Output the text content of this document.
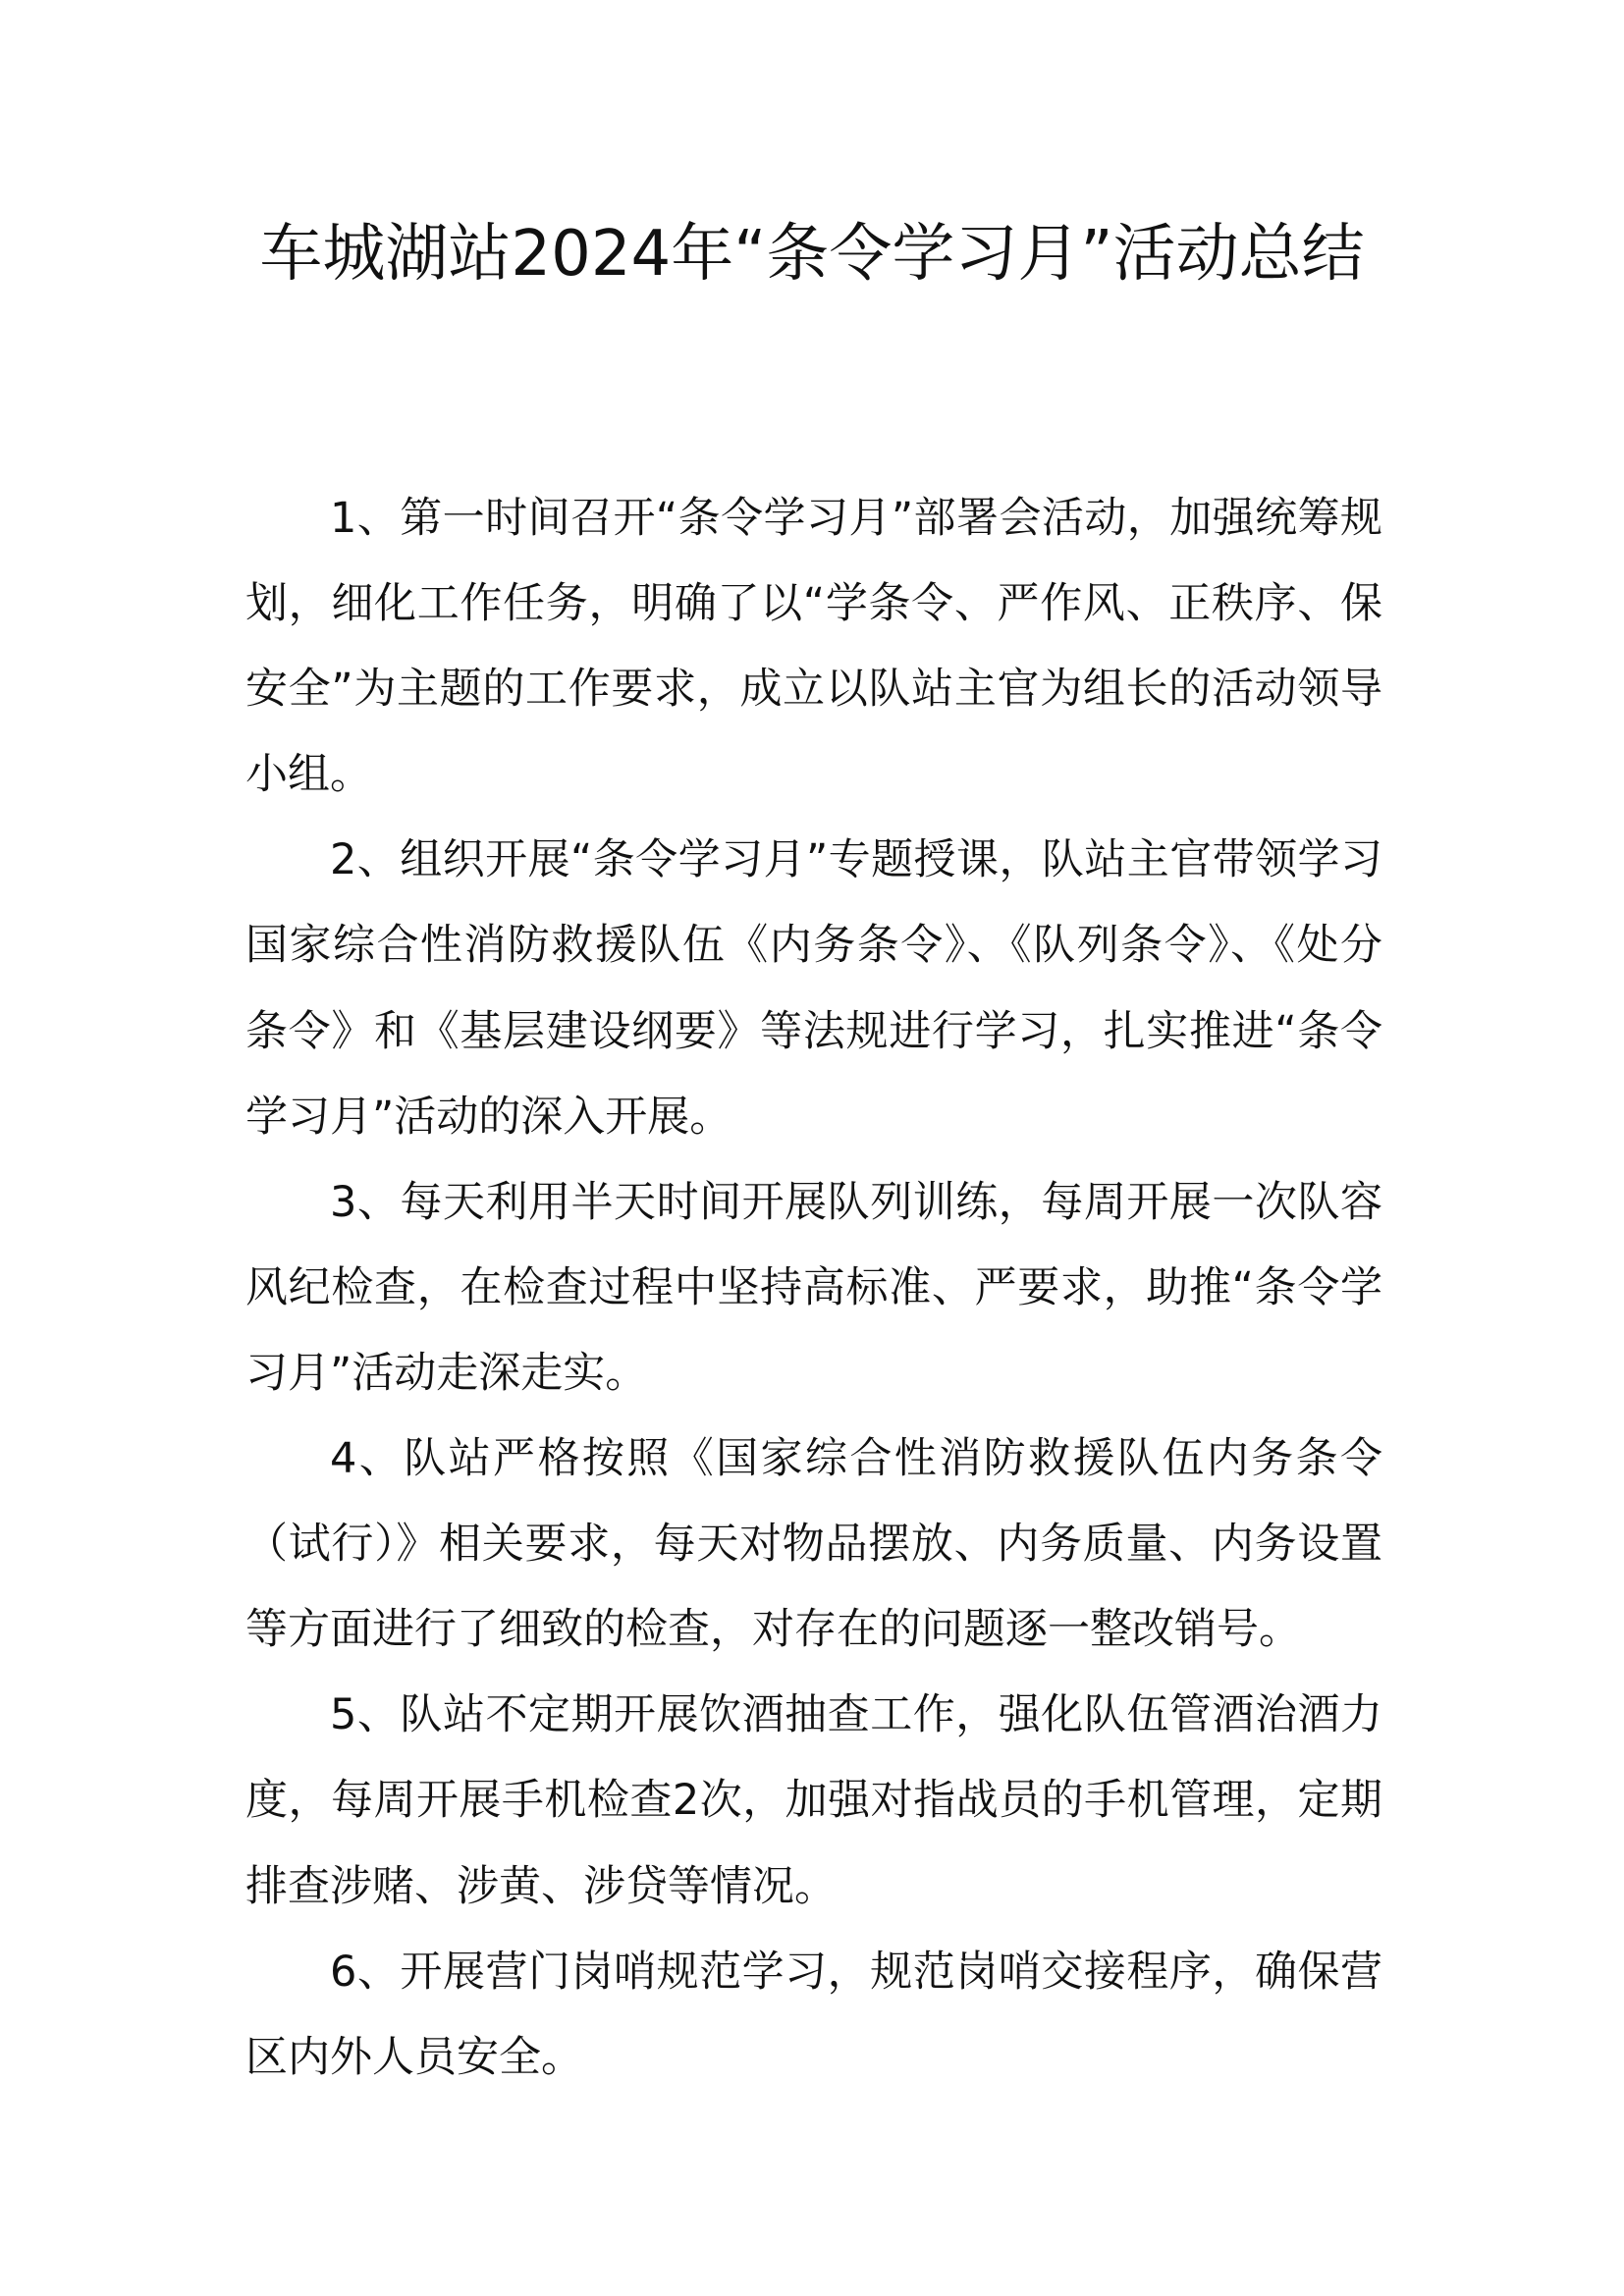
车城湖站2024年“条令学习月”活动总结

1、第一时间召开“条令学习月”部署会活动，加强统筹规划，细化工作任务，明确了以“学条令、严作风、正秩序、保安全”为主题的工作要求，成立以队站主官为组长的活动领导小组。

2、组织开展“条令学习月”专题授课，队站主官带领学习国家综合性消防救援队伍《内务条令》、《队列条令》、《处分条令》和《基层建设纲要》等法规进行学习，扎实推进“条令学习月”活动的深入开展。

3、每天利用半天时间开展队列训练，每周开展一次队容风纪检查，在检查过程中坚持高标准、严要求，助推“条令学习月”活动走深走实。

4、队站严格按照《国家综合性消防救援队伍内务条令（试行）》相关要求，每天对物品摆放、内务质量、内务设置等方面进行了细致的检查，对存在的问题逐一整改销号。

5、队站不定期开展饮酒抽查工作，强化队伍管酒治酒力度，每周开展手机检查2次，加强对指战员的手机管理，定期排查涉赌、涉黄、涉贷等情况。

6、开展营门岗哨规范学习，规范岗哨交接程序，确保营区内外人员安全。
